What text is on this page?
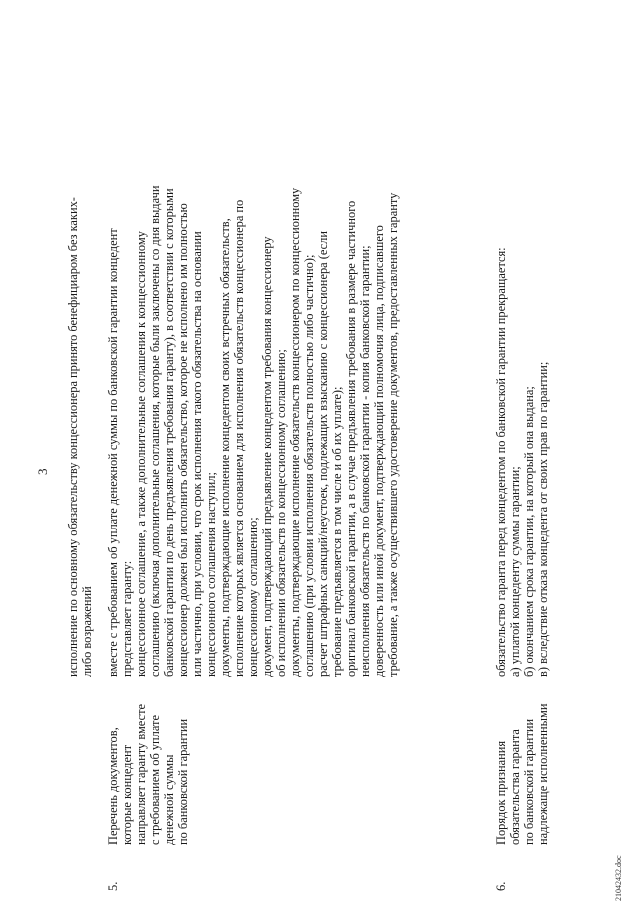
3 исполнение по основному обязательству концессионера принято бенефициаром без каких- либо возражений
5.
Перечень документов, которые концедент направляет гаранту вместе с требованием об уплате денежной суммы по банковской гарантии
вместе с требованием об уплате денежной суммы по банковской гарантии концедент представляет гаранту: концессионное соглашение, а также дополнительные соглашения к концессионному соглашению (включая дополнительные соглашения, которые были заключены со дня выдачи банковской гарантии по день предъявления требования гаранту), в соответствии с которыми концессионер должен был исполнить обязательство, которое не исполнено им полностью или частично, при условии, что срок исполнения такого обязательства на основании концессионного соглашения наступил; документы, подтверждающие исполнение концедентом своих встречных обязательств, исполнение которых является основанием для исполнения обязательств концессионера по концессионному соглашению; документ, подтверждающий предъявление концедентом требования концессионеру об исполнении обязательств по концессионному соглашению; документы, подтверждающие исполнение обязательств концессионером по концессионному соглашению (при условии исполнения обязательств полностью либо частично); расчет штрафных санкций/неустоек, подлежащих взысканию с концессионера (если требование предъявляется в том числе и об их уплате); оригинал банковской гарантии, а в случае предъявления требования в размере частичного неисполнения обязательств по банковской гарантии - копия банковской гарантии; доверенность или иной документ, подтверждающий полномочия лица, подписавшего требование, а также осуществившего удостоверение документов, предоставленных гаранту
6.
Порядок признания обязательства гаранта по банковской гарантии надлежаще исполненными
обязательство гаранта перед концедентом по банковской гарантии прекращается: а) уплатой концеденту суммы гарантии; б) окончанием срока гарантии, на который она выдана; в) вследствие отказа концедента от своих прав по гарантии;
21042432.doc
